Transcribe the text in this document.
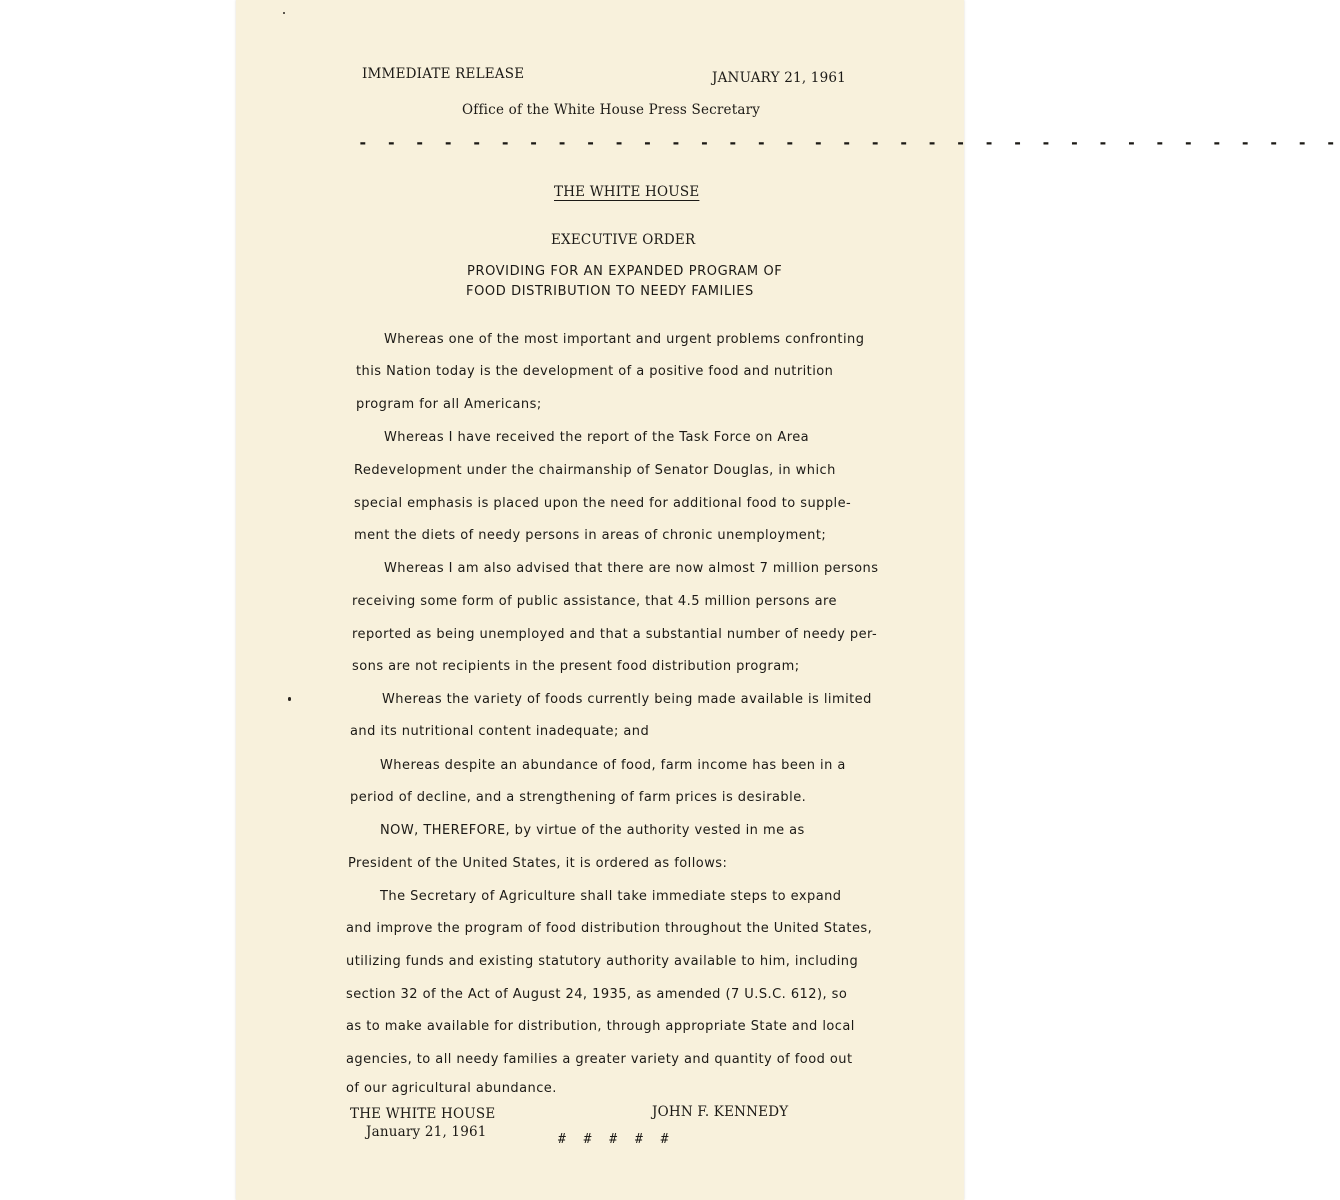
IMMEDIATE RELEASE	JANUARY 21, 1961
Office of the White House Press Secretary
- - - - - - - - - - - - - - - - - - - - - - - - - - - - - - - - - - -
THE WHITE HOUSE
EXECUTIVE ORDER
PROVIDING FOR AN EXPANDED PROGRAM OF
FOOD DISTRIBUTION TO NEEDY FAMILIES
Whereas one of the most important and urgent problems confronting
this Nation today is the development of a positive food and nutrition
program for all Americans;
Whereas I have received the report of the Task Force on Area
Redevelopment under the chairmanship of Senator Douglas, in which
special emphasis is placed upon the need for additional food to supple-
ment the diets of needy persons in areas of chronic unemployment;
Whereas I am also advised that there are now almost 7 million persons
receiving some form of public assistance, that 4.5 million persons are
reported as being unemployed and that a substantial number of needy per-
sons are not recipients in the present food distribution program;
Whereas the variety of foods currently being made available is limited
and its nutritional content inadequate; and
Whereas despite an abundance of food, farm income has been in a
period of decline, and a strengthening of farm prices is desirable.
NOW, THEREFORE, by virtue of the authority vested in me as
President of the United States, it is ordered as follows:
The Secretary of Agriculture shall take immediate steps to expand
and improve the program of food distribution throughout the United States,
utilizing funds and existing statutory authority available to him, including
section 32 of the Act of August 24, 1935, as amended (7 U.S.C. 612), so
as to make available for distribution, through appropriate State and local
agencies, to all needy families a greater variety and quantity of food out
of our agricultural abundance.
THE WHITE HOUSE
January 21, 1961
JOHN F. KENNEDY
# # # # #
